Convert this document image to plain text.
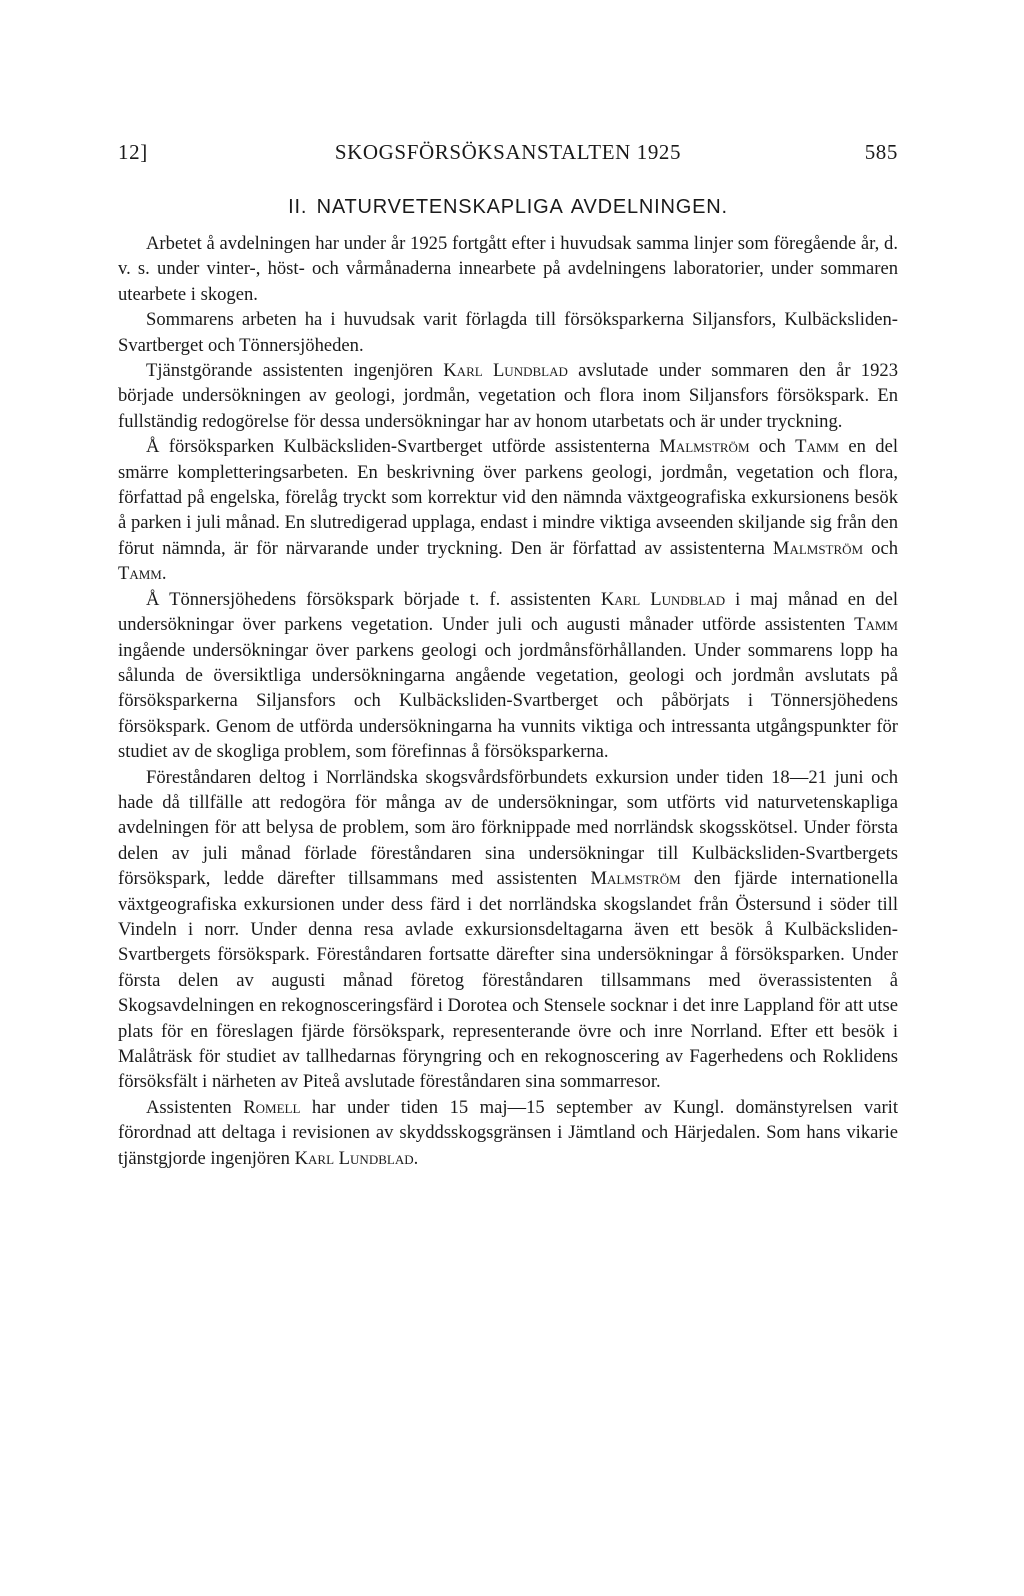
12]	SKOGSFÖRSÖKSANSTALTEN 1925	585
II. NATURVETENSKAPLIGA AVDELNINGEN.

Arbetet å avdelningen har under år 1925 fortgått efter i huvudsak samma linjer som föregående år, d. v. s. under vinter-, höst- och vårmånaderna innearbete på avdelningens laboratorier, under sommaren utearbete i skogen.

Sommarens arbeten ha i huvudsak varit förlagda till försöksparkerna Siljansfors, Kulbäcksliden-Svartberget och Tönnersjöheden.

Tjänstgörande assistenten ingenjören Karl Lundblad avslutade under sommaren den år 1923 började undersökningen av geologi, jordmån, vegetation och flora inom Siljansfors försökspark. En fullständig redogörelse för dessa undersökningar har av honom utarbetats och är under tryckning.

Å försöksparken Kulbäcksliden-Svartberget utförde assistenterna Malmström och Tamm en del smärre kompletteringsarbeten. En beskrivning över parkens geologi, jordmån, vegetation och flora, författad på engelska, förelåg tryckt som korrektur vid den nämnda växtgeografiska exkursionens besök å parken i juli månad. En slutredigerad upplaga, endast i mindre viktiga avseenden skiljande sig från den förut nämnda, är för närvarande under tryckning. Den är författad av assistenterna Malmström och Tamm.

Å Tönnersjöhedens försökspark började t. f. assistenten Karl Lundblad i maj månad en del undersökningar över parkens vegetation. Under juli och augusti månader utförde assistenten Tamm ingående undersökningar över parkens geologi och jordmånsförhållanden. Under sommarens lopp ha sålunda de översiktliga undersökningarna angående vegetation, geologi och jordmån avslutats på försöksparkerna Siljansfors och Kulbäcksliden-Svartberget och påbörjats i Tönnersjöhedens försökspark. Genom de utförda undersökningarna ha vunnits viktiga och intressanta utgångspunkter för studiet av de skogliga problem, som förefinnas å försöksparkerna.

Föreståndaren deltog i Norrländska skogsvårdsförbundets exkursion under tiden 18—21 juni och hade då tillfälle att redogöra för många av de undersökningar, som utförts vid naturvetenskapliga avdelningen för att belysa de problem, som äro förknippade med norrländsk skogsskötsel. Under första delen av juli månad förlade föreståndaren sina undersökningar till Kulbäcksliden-Svartbergets försökspark, ledde därefter tillsammans med assistenten Malmström den fjärde internationella växtgeografiska exkursionen under dess färd i det norrländska skogslandet från Östersund i söder till Vindeln i norr. Under denna resa avlade exkursionsdeltagarna även ett besök å Kulbäcksliden-Svartbergets försökspark. Föreståndaren fortsatte därefter sina undersökningar å försöksparken. Under första delen av augusti månad företog föreståndaren tillsammans med överassistenten å Skogsavdelningen en rekognosceringsfärd i Dorotea och Stensele socknar i det inre Lappland för att utse plats för en föreslagen fjärde försökspark, representerande övre och inre Norrland. Efter ett besök i Malåträsk för studiet av tallhedarnas föryngring och en rekognoscering av Fagerhedens och Roklidens försöksfält i närheten av Piteå avslutade föreståndaren sina sommarresor.

Assistenten Romell har under tiden 15 maj—15 september av Kungl. domänstyrelsen varit förordnad att deltaga i revisionen av skyddsskogsgränsen i Jämtland och Härjedalen. Som hans vikarie tjänstgjorde ingenjören Karl Lundblad.
